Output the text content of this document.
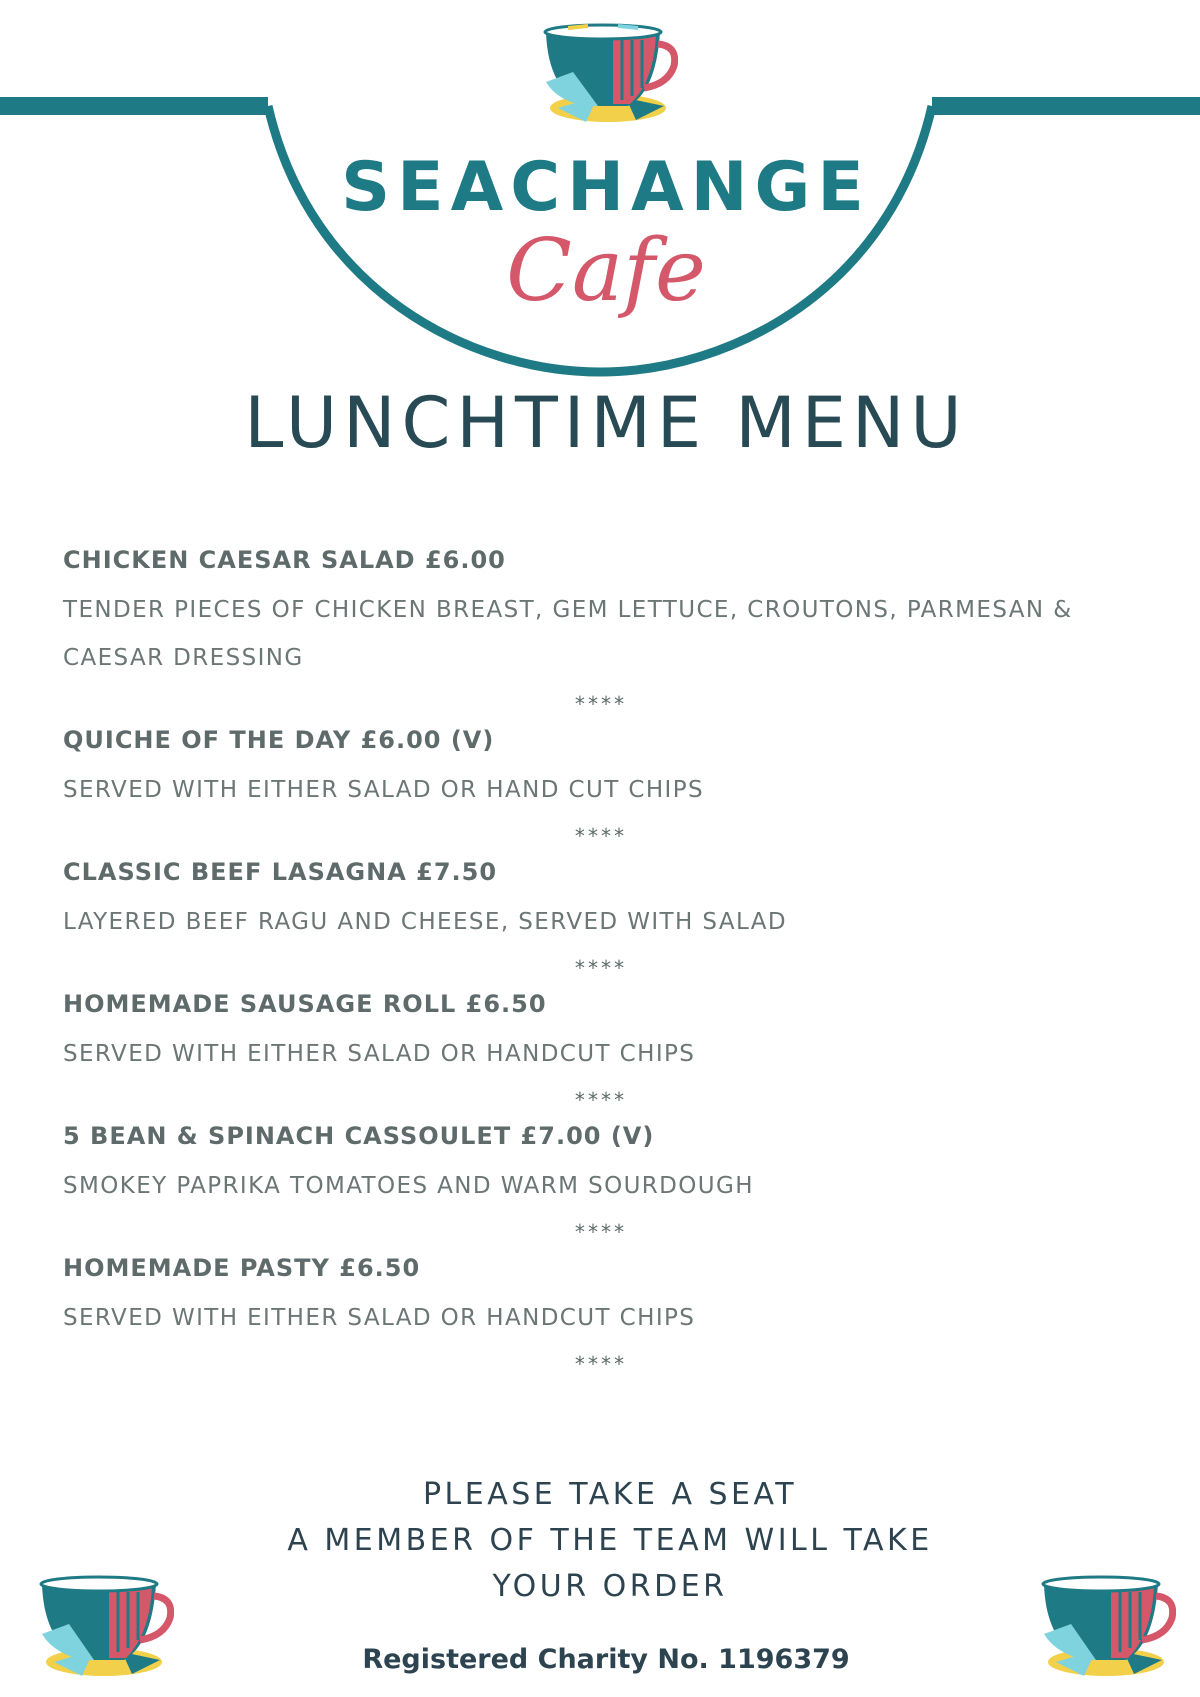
SEACHANGE
Cafe
LUNCHTIME MENU
CHICKEN CAESAR SALAD £6.00
TENDER PIECES OF CHICKEN BREAST, GEM LETTUCE, CROUTONS, PARMESAN & CAESAR DRESSING
****
QUICHE OF THE DAY £6.00 (V)
SERVED WITH EITHER SALAD OR HAND CUT CHIPS
****
CLASSIC BEEF LASAGNA £7.50
LAYERED BEEF RAGU AND CHEESE, SERVED WITH SALAD
****
HOMEMADE SAUSAGE ROLL £6.50
SERVED WITH EITHER SALAD OR HANDCUT CHIPS
****
5 BEAN & SPINACH CASSOULET £7.00 (V)
SMOKEY PAPRIKA TOMATOES AND WARM SOURDOUGH
****
HOMEMADE PASTY £6.50
SERVED WITH EITHER SALAD OR HANDCUT CHIPS
****
PLEASE TAKE A SEAT
A MEMBER OF THE TEAM WILL TAKE
YOUR ORDER
Registered Charity No. 1196379
